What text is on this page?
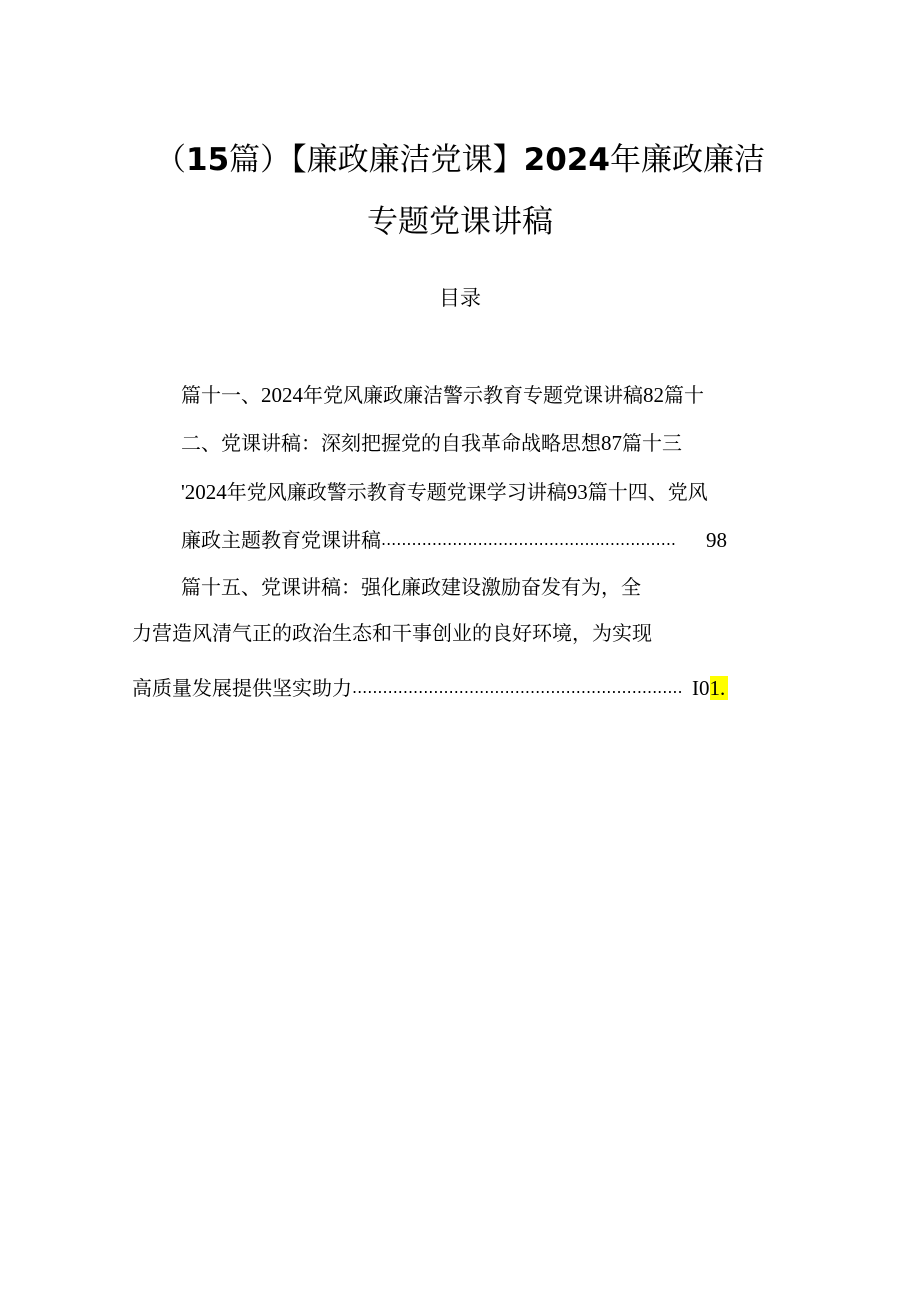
（15篇）【廉政廉洁党课】2024年廉政廉洁
专题党课讲稿
目录
篇十一、2024年党风廉政廉洁警示教育专题党课讲稿82篇十
二、党课讲稿：深刻把握党的自我革命战略思想87篇十三
'2024年党风廉政警示教育专题党课学习讲稿93篇十四、党风
廉政主题教育党课讲稿.......................................................... 98
篇十五、党课讲稿：强化廉政建设激励奋发有为，全
力营造风清气正的政治生态和干事创业的良好环境，为实现
高质量发展提供坚实助力................................................................. I01.
